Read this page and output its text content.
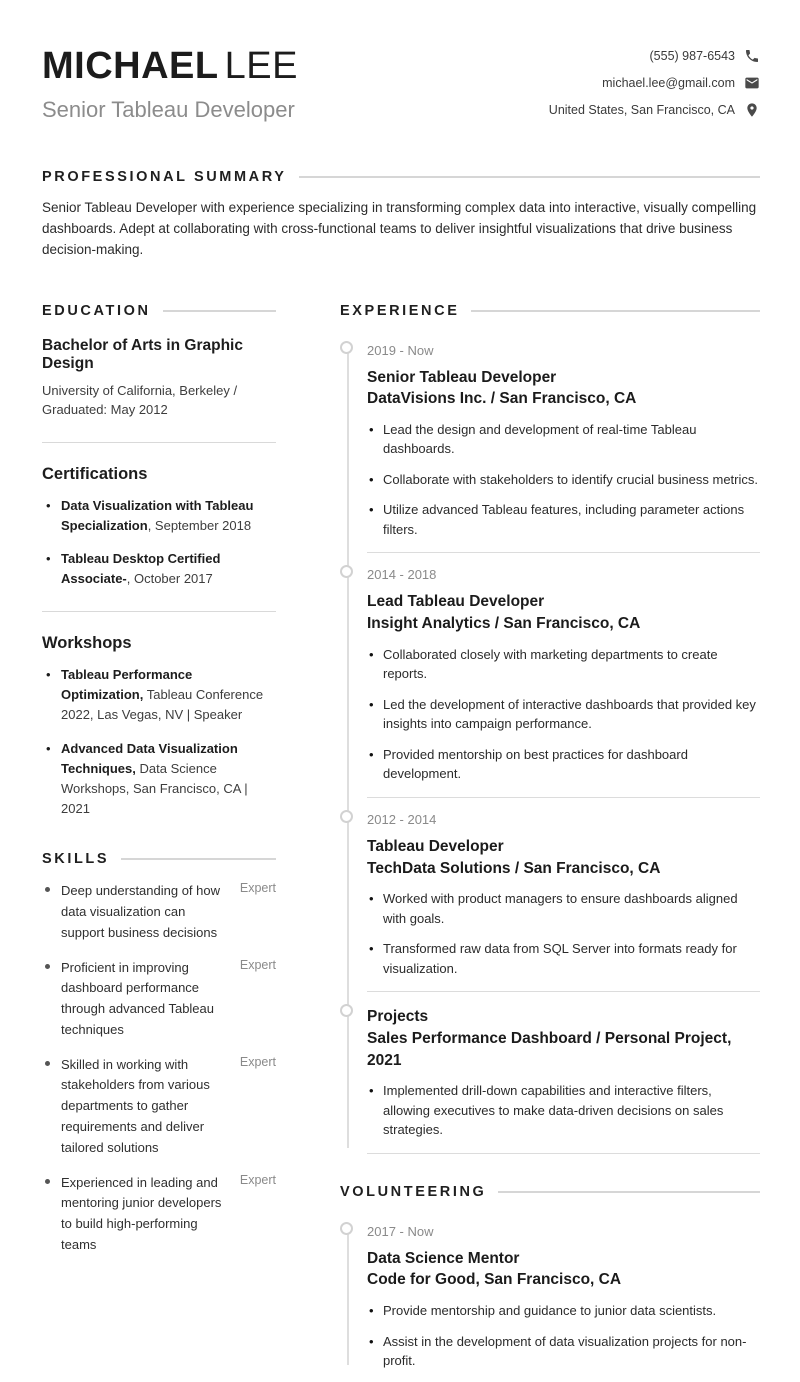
MICHAEL LEE
Senior Tableau Developer
(555) 987-6543
michael.lee@gmail.com
United States, San Francisco, CA
PROFESSIONAL SUMMARY

Senior Tableau Developer with experience specializing in transforming complex data into interactive, visually compelling dashboards. Adept at collaborating with cross-functional teams to deliver insightful visualizations that drive business decision-making.

EDUCATION
Bachelor of Arts in Graphic Design
University of California, Berkeley / Graduated: May 2012
Certifications
• Data Visualization with Tableau Specialization, September 2018
• Tableau Desktop Certified Associate-, October 2017
Workshops
• Tableau Performance Optimization, Tableau Conference 2022, Las Vegas, NV | Speaker
• Advanced Data Visualization Techniques, Data Science Workshops, San Francisco, CA | 2021
SKILLS
Deep understanding of how data visualization can support business decisions
Expert
Proficient in improving dashboard performance through advanced Tableau techniques
Expert
Skilled in working with stakeholders from various departments to gather requirements and deliver tailored solutions
Expert
Experienced in leading and mentoring junior developers to build high-performing teams
Expert
EXPERIENCE
2019 - Now
Senior Tableau Developer
DataVisions Inc. / San Francisco, CA
• Lead the design and development of real-time Tableau dashboards.
• Collaborate with stakeholders to identify crucial business metrics.
• Utilize advanced Tableau features, including parameter actions filters.
2014 - 2018
Lead Tableau Developer
Insight Analytics / San Francisco, CA
• Collaborated closely with marketing departments to create reports.
• Led the development of interactive dashboards that provided key insights into campaign performance.
• Provided mentorship on best practices for dashboard development.
2012 - 2014
Tableau Developer
TechData Solutions / San Francisco, CA
• Worked with product managers to ensure dashboards aligned with goals.
• Transformed raw data from SQL Server into formats ready for visualization.
Projects
Sales Performance Dashboard / Personal Project, 2021
• Implemented drill-down capabilities and interactive filters, allowing executives to make data-driven decisions on sales strategies.
VOLUNTEERING
2017 - Now
Data Science Mentor
Code for Good, San Francisco, CA
• Provide mentorship and guidance to junior data scientists.
• Assist in the development of data visualization projects for non-profit.
